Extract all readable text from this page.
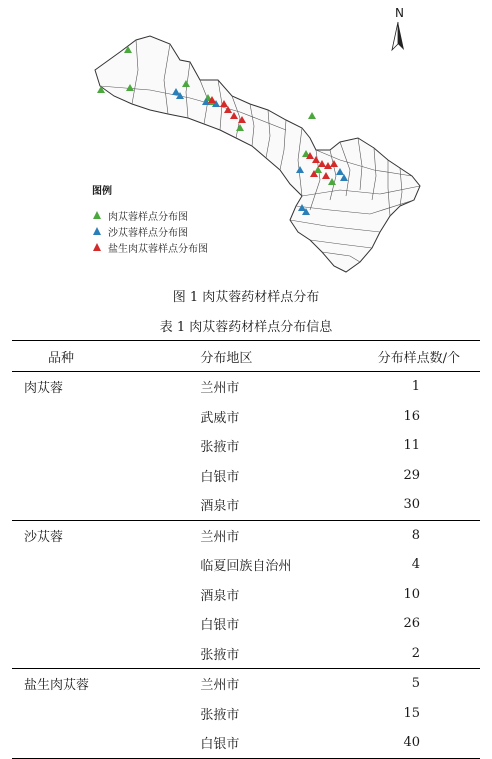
N
图例
肉苁蓉样点分布图
沙苁蓉样点分布图
盐生肉苁蓉样点分布图
图 1 肉苁蓉药材样点分布
表 1 肉苁蓉药材样点分布信息
品种	分布地区	分布样点数/个
肉苁蓉	兰州市	1
	武威市	16
	张掖市	11
	白银市	29
	酒泉市	30
沙苁蓉	兰州市	8
	临夏回族自治州	4
	酒泉市	10
	白银市	26
	张掖市	2
盐生肉苁蓉	兰州市	5
	张掖市	15
	白银市	40
